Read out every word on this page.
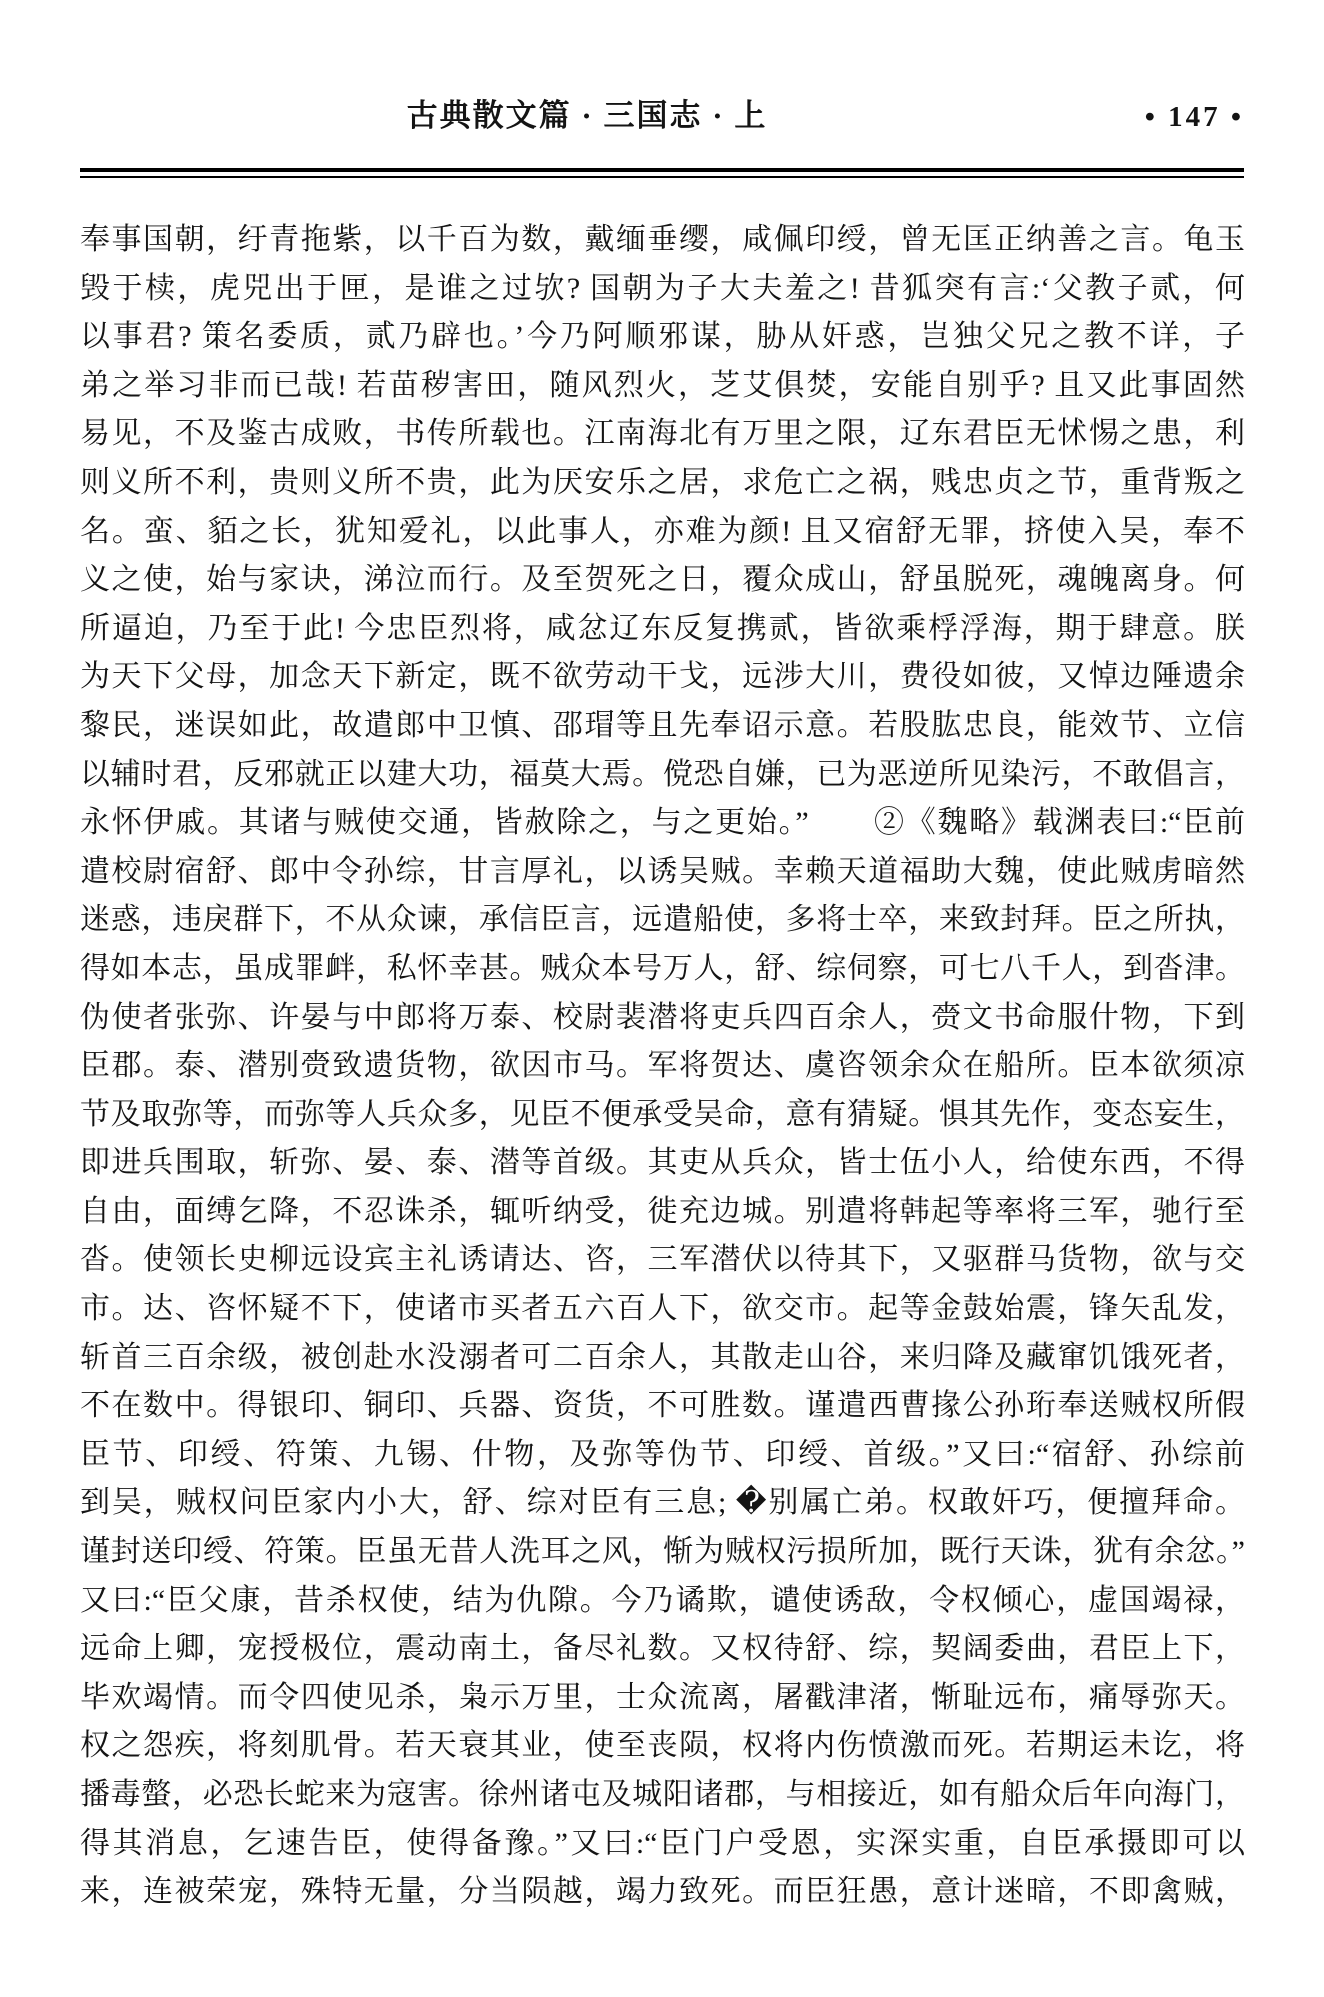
古典散文篇 · 三国志 · 上	• 147 •
奉事国朝，纡青拖紫，以千百为数，戴缅垂缨，咸佩印绶，曾无匡正纳善之言。龟玉
毁于椟，虎兕出于匣，是谁之过欤? 国朝为子大夫羞之! 昔狐突有言:‘父教子贰，何
以事君? 策名委质，贰乃辟也。’今乃阿顺邪谋，胁从奸惑，岂独父兄之教不详，子
弟之举习非而已哉! 若苗秽害田，随风烈火，芝艾俱焚，安能自别乎? 且又此事固然
易见，不及鉴古成败，书传所载也。江南海北有万里之限，辽东君臣无怵惕之患，利
则义所不利，贵则义所不贵，此为厌安乐之居，求危亡之祸，贱忠贞之节，重背叛之
名。蛮、貊之长，犹知爱礼，以此事人，亦难为颜! 且又宿舒无罪，挤使入吴，奉不
义之使，始与家诀，涕泣而行。及至贺死之日，覆众成山，舒虽脱死，魂魄离身。何
所逼迫，乃至于此! 今忠臣烈将，咸忿辽东反复携贰，皆欲乘桴浮海，期于肆意。朕
为天下父母，加念天下新定，既不欲劳动干戈，远涉大川，费役如彼，又悼边陲遗余
黎民，迷误如此，故遣郎中卫慎、邵瑁等且先奉诏示意。若股肱忠良，能效节、立信
以辅时君，反邪就正以建大功，福莫大焉。傥恐自嫌，已为恶逆所见染污，不敢倡言，
永怀伊戚。其诸与贼使交通，皆赦除之，与之更始。”　　②《魏略》载渊表曰:“臣前
遣校尉宿舒、郎中令孙综，甘言厚礼，以诱吴贼。幸赖天道福助大魏，使此贼虏暗然
迷惑，违戾群下，不从众谏，承信臣言，远遣船使，多将士卒，来致封拜。臣之所执，
得如本志，虽成罪衅，私怀幸甚。贼众本号万人，舒、综伺察，可七八千人，到沓津。
伪使者张弥、许晏与中郎将万泰、校尉裴潜将吏兵四百余人，赍文书命服什物，下到
臣郡。泰、潜别赍致遗货物，欲因市马。军将贺达、虞咨领余众在船所。臣本欲须凉
节及取弥等，而弥等人兵众多，见臣不便承受吴命，意有猜疑。惧其先作，变态妄生，
即进兵围取，斩弥、晏、泰、潜等首级。其吏从兵众，皆士伍小人，给使东西，不得
自由，面缚乞降，不忍诛杀，辄听纳受，徙充边城。别遣将韩起等率将三军，驰行至
沓。使领长史柳远设宾主礼诱请达、咨，三军潜伏以待其下，又驱群马货物，欲与交
市。达、咨怀疑不下，使诸市买者五六百人下，欲交市。起等金鼓始震，锋矢乱发，
斩首三百余级，被创赴水没溺者可二百余人，其散走山谷，来归降及藏窜饥饿死者，
不在数中。得银印、铜印、兵器、资货，不可胜数。谨遣西曹掾公孙珩奉送贼权所假
臣节、印绶、符策、九锡、什物，及弥等伪节、印绶、首级。”又曰:“宿舒、孙综前
到吴，贼权问臣家内小大，舒、综对臣有三息; �别属亡弟。权敢奸巧，便擅拜命。
谨封送印绶、符策。臣虽无昔人洗耳之风，惭为贼权污损所加，既行天诛，犹有余忿。”
又曰:“臣父康，昔杀权使，结为仇隙。今乃谲欺，谴使诱敌，令权倾心，虚国竭禄，
远命上卿，宠授极位，震动南土，备尽礼数。又权待舒、综，契阔委曲，君臣上下，
毕欢竭情。而令四使见杀，枭示万里，士众流离，屠戳津渚，惭耻远布，痛辱弥天。
权之怨疾，将刻肌骨。若天衰其业，使至丧陨，权将内伤愤激而死。若期运未讫，将
播毒螫，必恐长蛇来为寇害。徐州诸屯及城阳诸郡，与相接近，如有船众后年向海门，
得其消息，乞速告臣，使得备豫。”又曰:“臣门户受恩，实深实重，自臣承摄即可以
来，连被荣宠，殊特无量，分当陨越，竭力致死。而臣狂愚，意计迷暗，不即禽贼，
